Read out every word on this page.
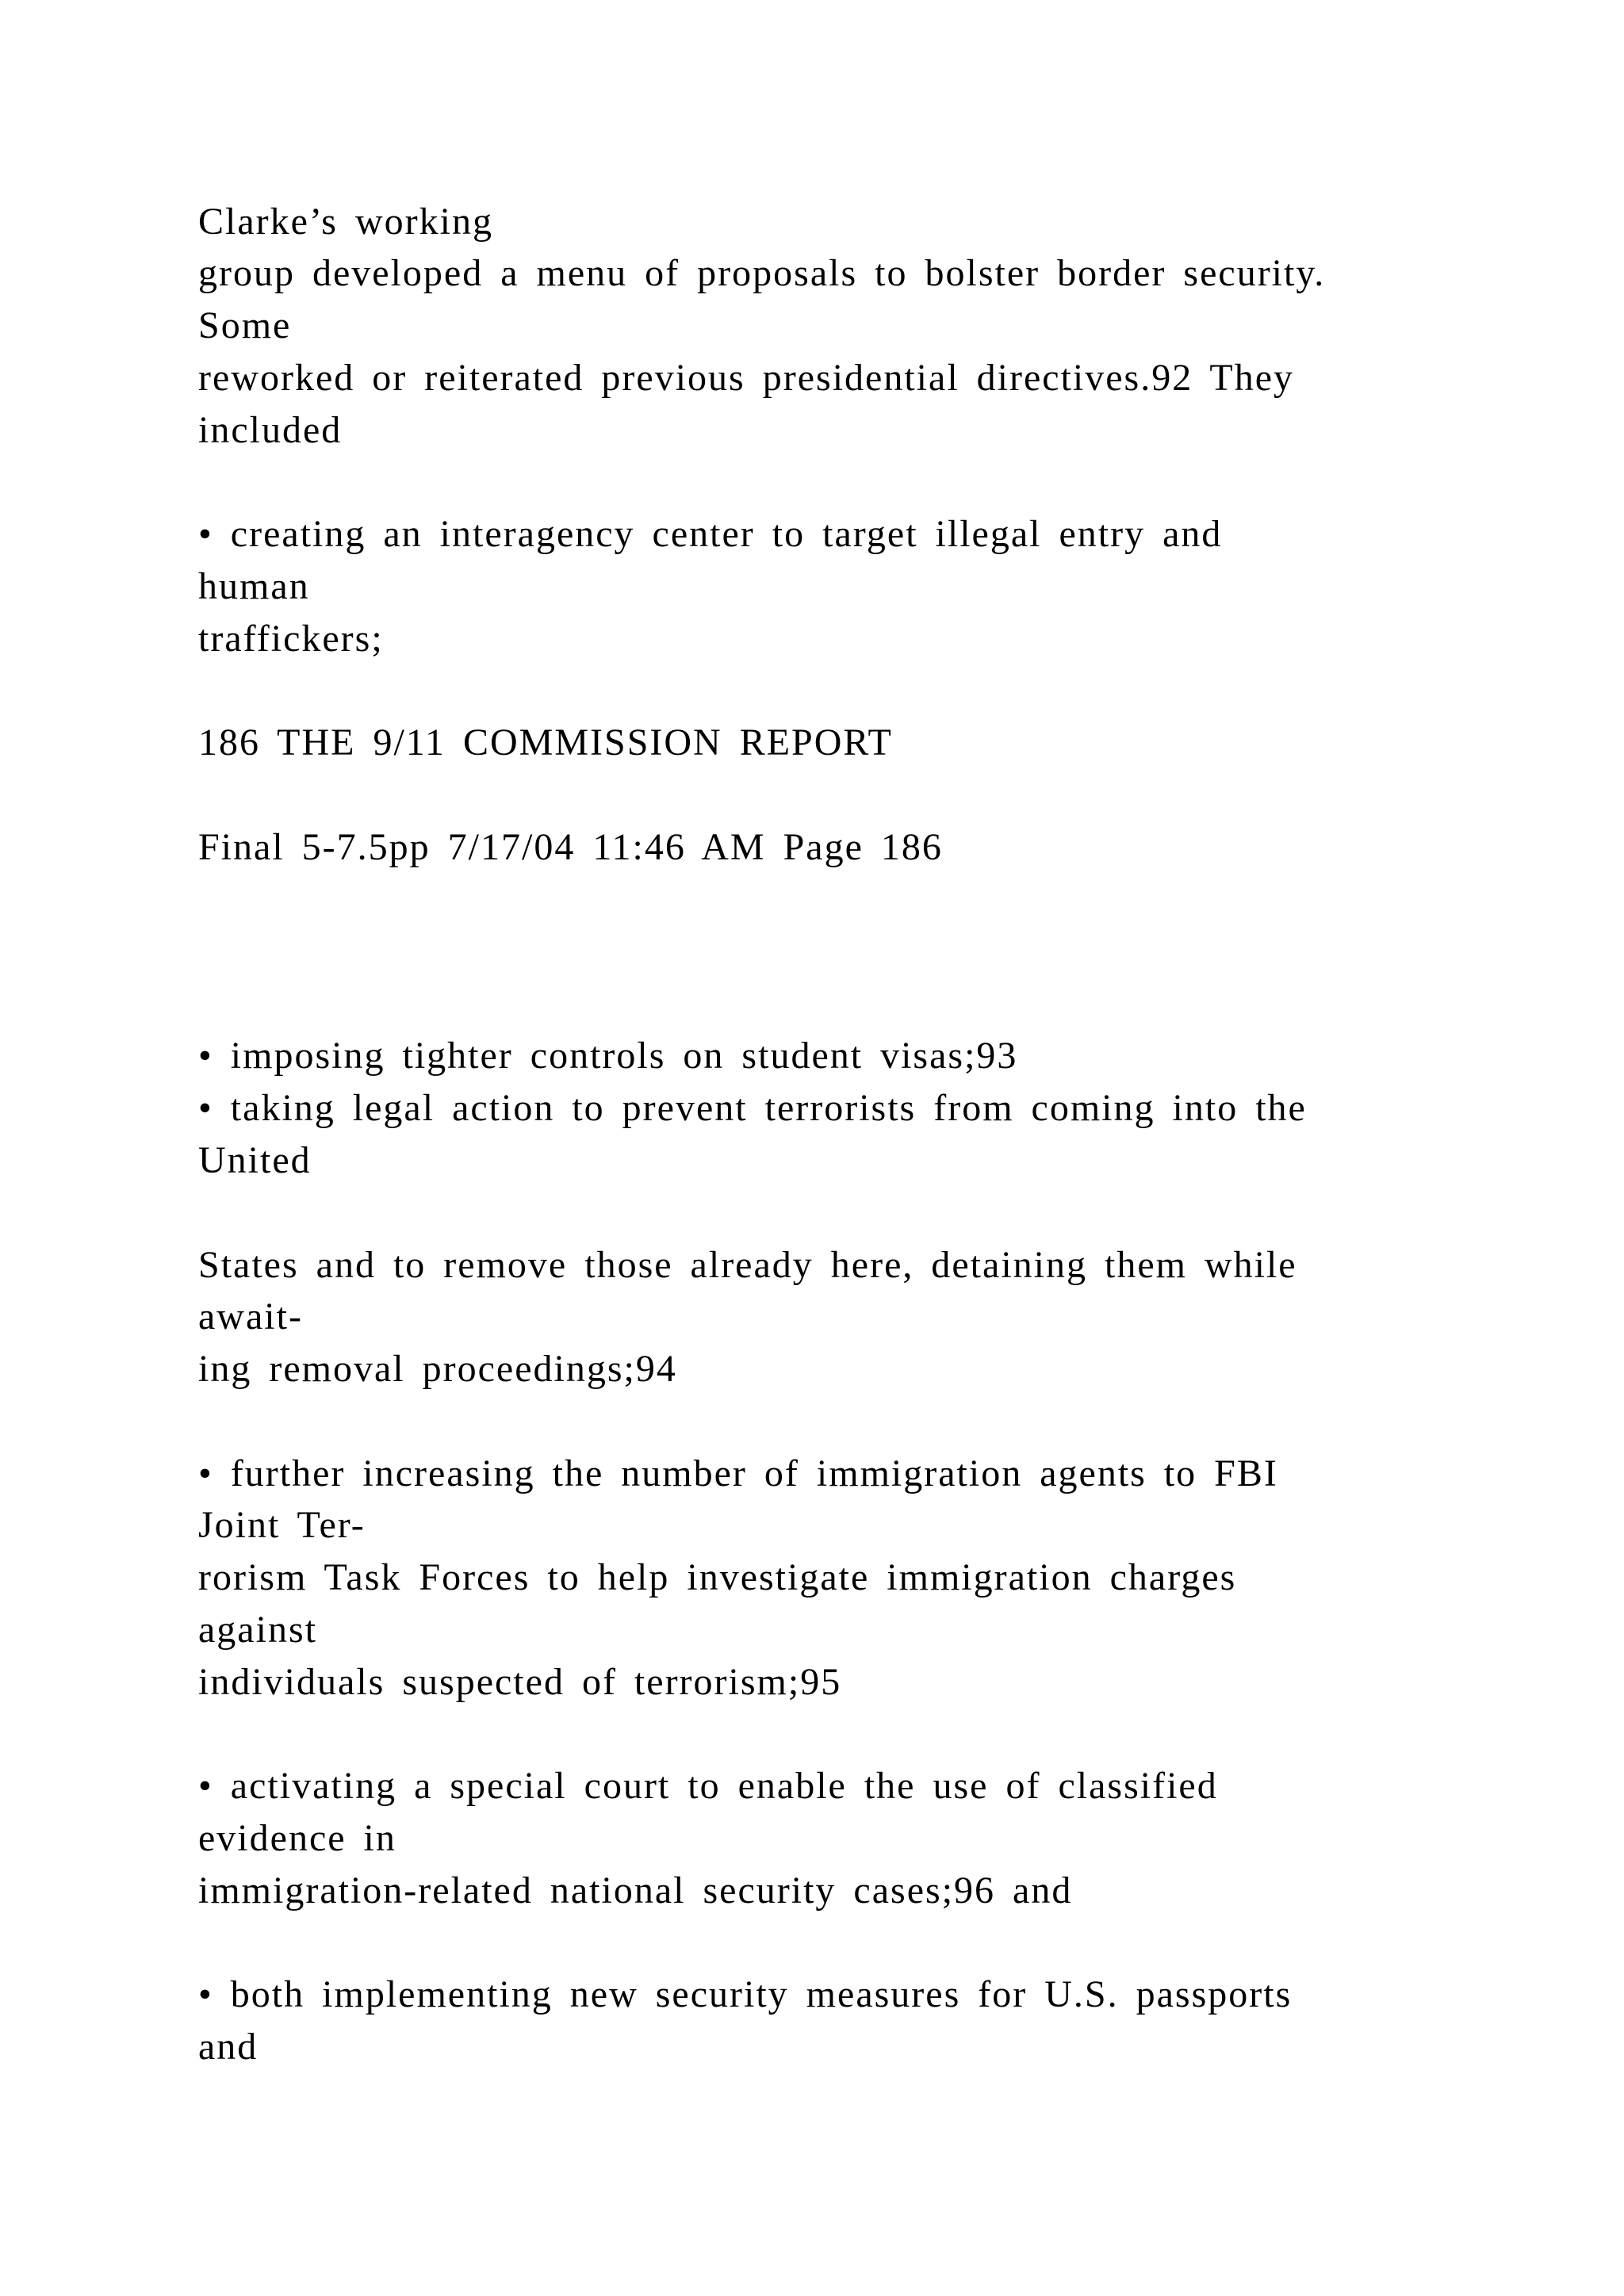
Clarke’s working

group developed a menu of proposals to bolster border security.

Some

reworked or reiterated previous presidential directives.92 They

included

• creating an interagency center to target illegal entry and

human

traffickers;

186 THE 9/11 COMMISSION REPORT

Final 5-7.5pp 7/17/04 11:46 AM Page 186

• imposing tighter controls on student visas;93

• taking legal action to prevent terrorists from coming into the

United

States and to remove those already here, detaining them while

await-

ing removal proceedings;94

• further increasing the number of immigration agents to FBI

Joint Ter-

rorism Task Forces to help investigate immigration charges

against

individuals suspected of terrorism;95

• activating a special court to enable the use of classified

evidence in

immigration-related national security cases;96 and

• both implementing new security measures for U.S. passports

and
